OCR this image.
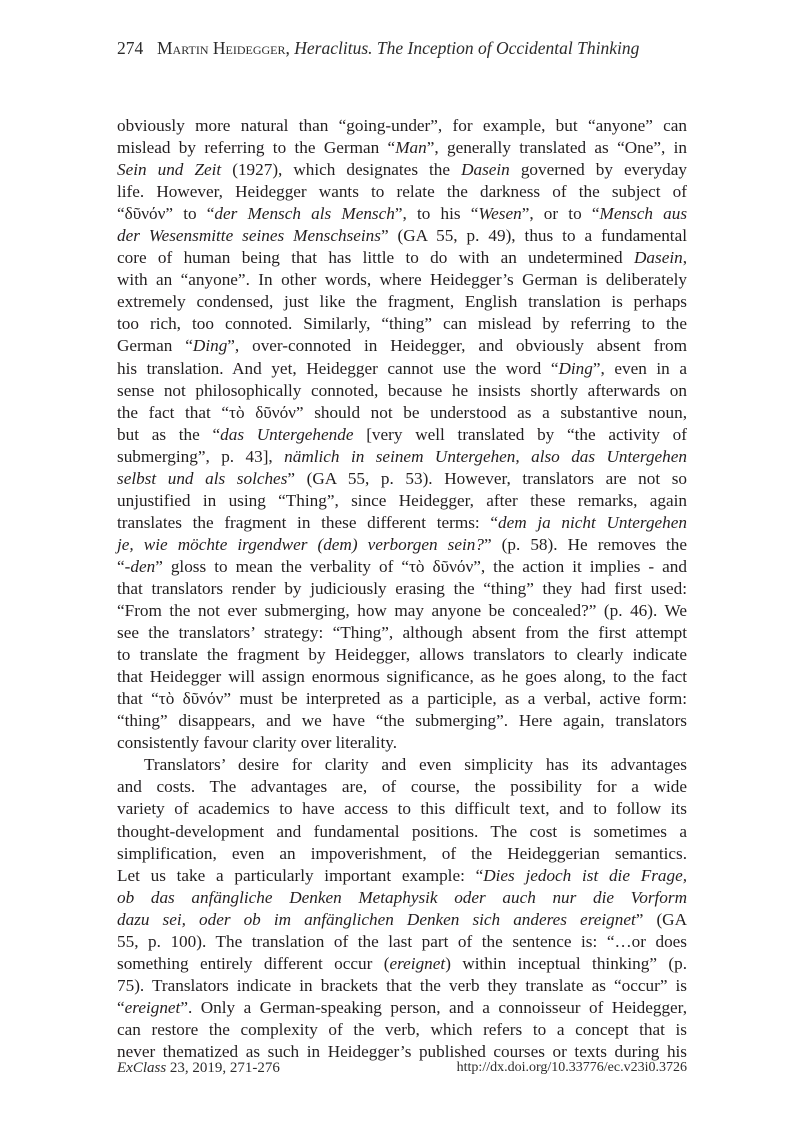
274 Martin Heidegger, Heraclitus. The Inception of Occidental Thinking
obviously more natural than “going-under”, for example, but “anyone” can
mislead by referring to the German “Man”, generally translated as “One”, in
Sein und Zeit (1927), which designates the Dasein governed by everyday
life. However, Heidegger wants to relate the darkness of the subject of
“δῦνόν” to “der Mensch als Mensch”, to his “Wesen”, or to “Mensch aus
der Wesensmitte seines Menschseins” (GA 55, p. 49), thus to a fundamental
core of human being that has little to do with an undetermined Dasein,
with an “anyone”. In other words, where Heidegger’s German is deliberately
extremely condensed, just like the fragment, English translation is perhaps
too rich, too connoted. Similarly, “thing” can mislead by referring to the
German “Ding”, over-connoted in Heidegger, and obviously absent from
his translation. And yet, Heidegger cannot use the word “Ding”, even in a
sense not philosophically connoted, because he insists shortly afterwards on
the fact that “τὸ δῦνόν” should not be understood as a substantive noun,
but as the “das Untergehende [very well translated by “the activity of
submerging”, p. 43], nämlich in seinem Untergehen, also das Untergehen
selbst und als solches” (GA 55, p. 53). However, translators are not so
unjustified in using “Thing”, since Heidegger, after these remarks, again
translates the fragment in these different terms: “dem ja nicht Untergehen
je, wie möchte irgendwer (dem) verborgen sein?” (p. 58). He removes the
“-den” gloss to mean the verbality of “τὸ δῦνόν”, the action it implies - and
that translators render by judiciously erasing the “thing” they had first used:
“From the not ever submerging, how may anyone be concealed?” (p. 46). We
see the translators’ strategy: “Thing”, although absent from the first attempt
to translate the fragment by Heidegger, allows translators to clearly indicate
that Heidegger will assign enormous significance, as he goes along, to the fact
that “τὸ δῦνόν” must be interpreted as a participle, as a verbal, active form:
“thing” disappears, and we have “the submerging”. Here again, translators
consistently favour clarity over literality.
Translators’ desire for clarity and even simplicity has its advantages
and costs. The advantages are, of course, the possibility for a wide
variety of academics to have access to this difficult text, and to follow its
thought-development and fundamental positions. The cost is sometimes a
simplification, even an impoverishment, of the Heideggerian semantics.
Let us take a particularly important example: “Dies jedoch ist die Frage,
ob das anfängliche Denken Metaphysik oder auch nur die Vorform
dazu sei, oder ob im anfänglichen Denken sich anderes ereignet” (GA
55, p. 100). The translation of the last part of the sentence is: “…or does
something entirely different occur (ereignet) within inceptual thinking” (p.
75). Translators indicate in brackets that the verb they translate as “occur” is
“ereignet”. Only a German-speaking person, and a connoisseur of Heidegger,
can restore the complexity of the verb, which refers to a concept that is
never thematized as such in Heidegger’s published courses or texts during his
ExClass 23, 2019, 271-276	http://dx.doi.org/10.33776/ec.v23i0.3726
